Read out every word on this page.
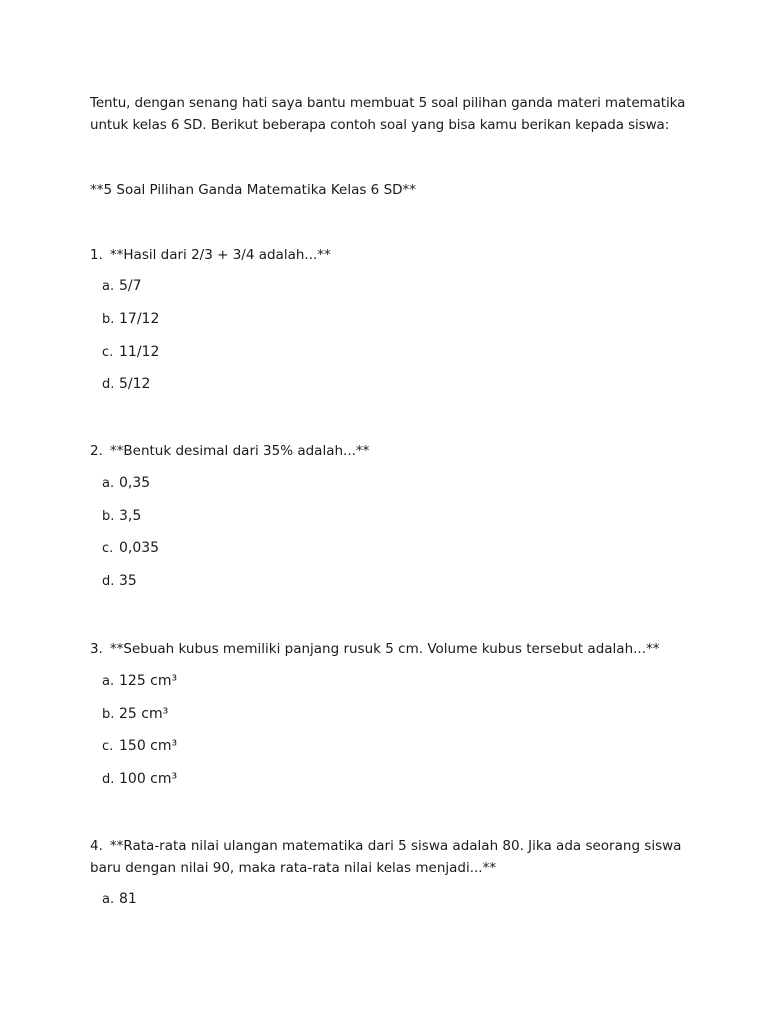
Tentu, dengan senang hati saya bantu membuat 5 soal pilihan ganda materi matematika untuk kelas 6 SD. Berikut beberapa contoh soal yang bisa kamu berikan kepada siswa:

**5 Soal Pilihan Ganda Matematika Kelas 6 SD**
1. **Hasil dari 2/3 + 3/4 adalah...**
a. 5/7
b. 17/12
c. 11/12
d. 5/12
2. **Bentuk desimal dari 35% adalah...**
a. 0,35
b. 3,5
c. 0,035
d. 35
3. **Sebuah kubus memiliki panjang rusuk 5 cm. Volume kubus tersebut adalah...**
a. 125 cm³
b. 25 cm³
c. 150 cm³
d. 100 cm³
4. **Rata-rata nilai ulangan matematika dari 5 siswa adalah 80. Jika ada seorang siswa baru dengan nilai 90, maka rata-rata nilai kelas menjadi...**
a. 81
